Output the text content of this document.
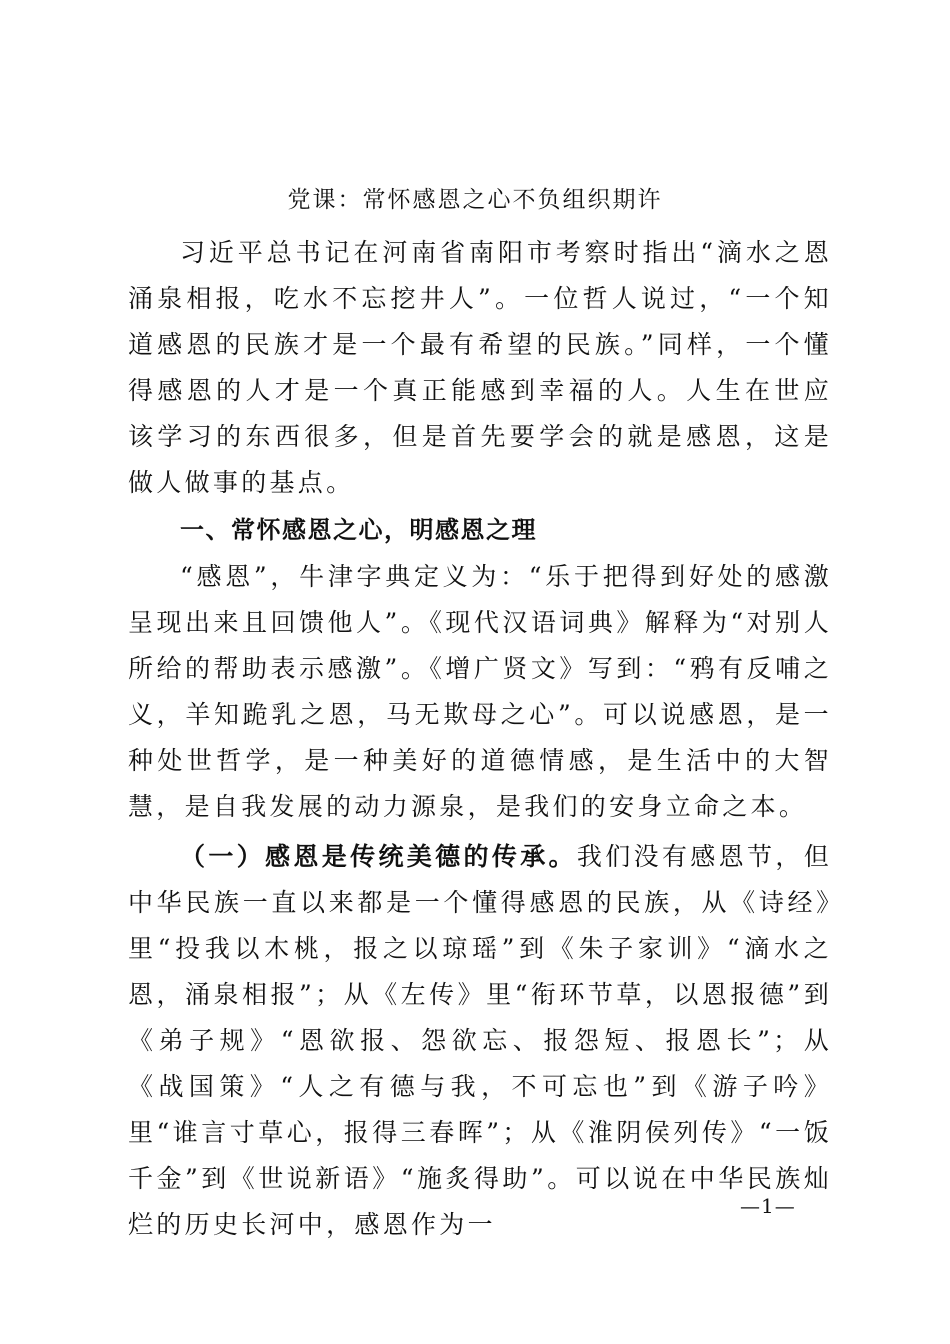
党课：常怀感恩之心不负组织期许

习近平总书记在河南省南阳市考察时指出“滴水之恩涌泉相报，吃水不忘挖井人”。一位哲人说过，“一个知道感恩的民族才是一个最有希望的民族。”同样，一个懂得感恩的人才是一个真正能感到幸福的人。人生在世应该学习的东西很多，但是首先要学会的就是感恩，这是做人做事的基点。

一、常怀感恩之心，明感恩之理

“感恩”，牛津字典定义为：“乐于把得到好处的感激呈现出来且回馈他人”。《现代汉语词典》解释为“对别人所给的帮助表示感激”。《增广贤文》写到：“鸦有反哺之义，羊知跪乳之恩，马无欺母之心”。可以说感恩，是一种处世哲学，是一种美好的道德情感，是生活中的大智慧，是自我发展的动力源泉，是我们的安身立命之本。

（一）感恩是传统美德的传承。我们没有感恩节，但中华民族一直以来都是一个懂得感恩的民族，从《诗经》里“投我以木桃，报之以琼瑶”到《朱子家训》“滴水之恩，涌泉相报”；从《左传》里“衔环节草，以恩报德”到《弟子规》“恩欲报、怨欲忘、报怨短、报恩长”；从《战国策》“人之有德与我，不可忘也”到《游子吟》里“谁言寸草心，报得三春晖”；从《淮阴侯列传》“一饭千金”到《世说新语》“施炙得助”。可以说在中华民族灿烂的历史长河中，感恩作为一

—1—
